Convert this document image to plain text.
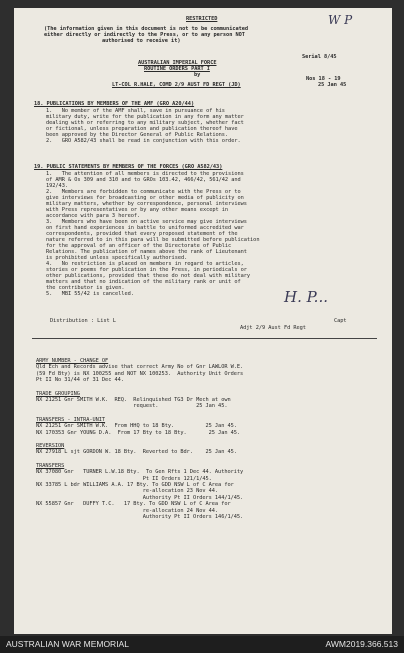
RESTRICTED	W P
(The information given in this document is not to be communicated
either directly or indirectly to the Press, or to any person NOT
authorised to receive it)
Serial 8/45
AUSTRALIAN IMPERIAL FORCE
ROUTINE ORDERS PART I
by
Nos 18 - 19
LT-COL R.HALE, COMD 2/9 AUST FD REGT (JD)	25 Jan 45
18. PUBLICATIONS BY MEMBERS OF THE AMF (GRO A20/44)
1.   No member of the AMF shall, save in pursuance of his
military duty, write for the publication in any form any matter
dealing with or referring to any military subject, whether fact
or fictional, unless preparation and publication thereof have
been approved by the Director General of Public Relations.
2.   GRO A582/43 shall be read in conjunction with this order.
19. PUBLIC STATEMENTS BY MEMBERS OF THE FORCES (GRO A582/43)
1.   The attention of all members is directed to the provisions
of AMR & Os 309 and 310 and to GROs 103.42, 466/42, 561/42 and
192/43.
2.   Members are forbidden to communicate with the Press or to
give interviews for broadcasting or other media of publicity on
military matters, whether by correspondence, personal interviews
with Press representatives or by any other means except in
accordance with para 3 hereof.
3.   Members who have been on active service may give interviews
on first hand experiences in battle to uniformed accredited war
correspondents, provided that every proposed statement of the
nature referred to in this para will be submitted before publication
for the approval of an officer of the Directorate of Public
Relations. The publication of names above the rank of Lieutenant
is prohibited unless specifically authorised.
4.   No restriction is placed on members in regard to articles,
stories or poems for publication in the Press, in periodicals or
other publications, provided that these do not deal with military
matters and that no indication of the military rank or unit of
the contributor is given.
5.   MBI 55/42 is cancelled.	H. P...
Distribution : List L	Capt
Adjt 2/9 Aust Fd Regt
ARMY NUMBER - CHANGE OF
Qld Ech and Records advise that correct Army No of Gnr LAWLOR W.E.
(59 Fd Bty) is NX 100255 and NOT NX 100253.  Authority Unit Orders
Pt II No 31/44 of 31 Dec 44.
TRADE GROUPING
NX 21251 Gnr SMITH W.K.  REQ.  Relinquished TG3 Dr Mech at own
request.            25 Jan 45.
TRANSFERS - INTRA-UNIT
NX 21251 Gnr SMITH W.K.  From HHQ to 18 Bty.          25 Jan 45.
NX 170353 Gnr YOUNG D.A.  From 17 Bty to 18 Bty.       25 Jan 45.
REVERSION
NX 27918 L sjt GORDON W. 18 Bty.  Reverted to Bdr.    25 Jan 45.
TRANSFERS
NX 37080 Gnr   TURNER L.W.18 Bty.  To Gen Rfts 1 Dec 44. Authority
Pt II Orders 121/1/45.
NX 33785 L bdr WILLIAMS A.A. 17 Bty. To GDD NSW L of C Area for
re-allocation 23 Nov 44.
Authority Pt II Orders 144/1/45.
NX 55857 Gnr   DUFFY T.C.   17 Bty. To GDD NSW L of C Area for
re-allocation 24 Nov 44.
Authority Pt II Orders 146/1/45.
AUSTRALIAN WAR MEMORIAL	AWM2019.366.513
